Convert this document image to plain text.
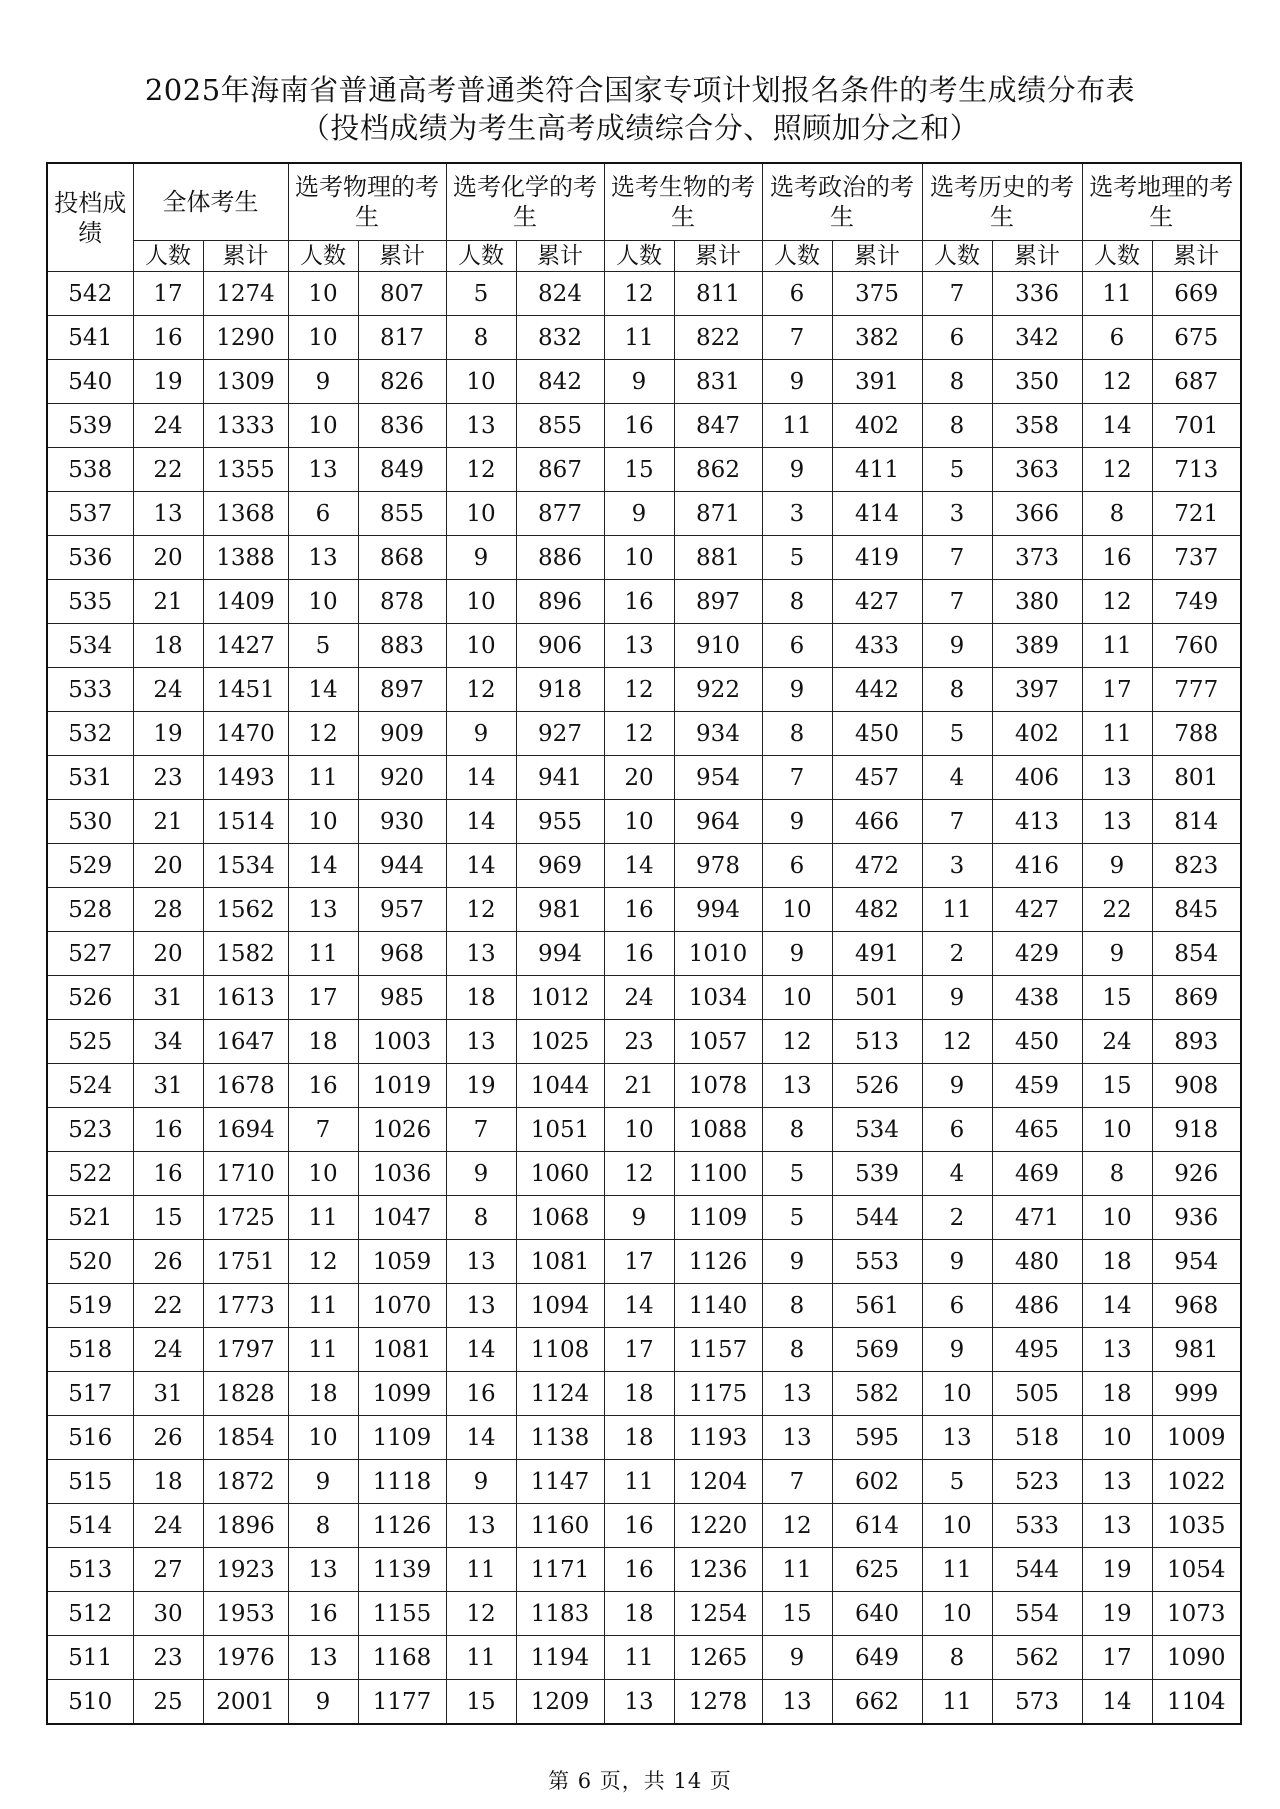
2025年海南省普通高考普通类符合国家专项计划报名条件的考生成绩分布表
（投档成绩为考生高考成绩综合分、照顾加分之和）
投档成绩	全体考生		选考物理的考生		选考化学的考生		选考生物的考生		选考政治的考生		选考历史的考生		选考地理的考生	
	人数	累计	人数	累计	人数	累计	人数	累计	人数	累计	人数	累计	人数	累计
542	17	1274	10	807	5	824	12	811	6	375	7	336	11	669
541	16	1290	10	817	8	832	11	822	7	382	6	342	6	675
540	19	1309	9	826	10	842	9	831	9	391	8	350	12	687
539	24	1333	10	836	13	855	16	847	11	402	8	358	14	701
538	22	1355	13	849	12	867	15	862	9	411	5	363	12	713
537	13	1368	6	855	10	877	9	871	3	414	3	366	8	721
536	20	1388	13	868	9	886	10	881	5	419	7	373	16	737
535	21	1409	10	878	10	896	16	897	8	427	7	380	12	749
534	18	1427	5	883	10	906	13	910	6	433	9	389	11	760
533	24	1451	14	897	12	918	12	922	9	442	8	397	17	777
532	19	1470	12	909	9	927	12	934	8	450	5	402	11	788
531	23	1493	11	920	14	941	20	954	7	457	4	406	13	801
530	21	1514	10	930	14	955	10	964	9	466	7	413	13	814
529	20	1534	14	944	14	969	14	978	6	472	3	416	9	823
528	28	1562	13	957	12	981	16	994	10	482	11	427	22	845
527	20	1582	11	968	13	994	16	1010	9	491	2	429	9	854
526	31	1613	17	985	18	1012	24	1034	10	501	9	438	15	869
525	34	1647	18	1003	13	1025	23	1057	12	513	12	450	24	893
524	31	1678	16	1019	19	1044	21	1078	13	526	9	459	15	908
523	16	1694	7	1026	7	1051	10	1088	8	534	6	465	10	918
522	16	1710	10	1036	9	1060	12	1100	5	539	4	469	8	926
521	15	1725	11	1047	8	1068	9	1109	5	544	2	471	10	936
520	26	1751	12	1059	13	1081	17	1126	9	553	9	480	18	954
519	22	1773	11	1070	13	1094	14	1140	8	561	6	486	14	968
518	24	1797	11	1081	14	1108	17	1157	8	569	9	495	13	981
517	31	1828	18	1099	16	1124	18	1175	13	582	10	505	18	999
516	26	1854	10	1109	14	1138	18	1193	13	595	13	518	10	1009
515	18	1872	9	1118	9	1147	11	1204	7	602	5	523	13	1022
514	24	1896	8	1126	13	1160	16	1220	12	614	10	533	13	1035
513	27	1923	13	1139	11	1171	16	1236	11	625	11	544	19	1054
512	30	1953	16	1155	12	1183	18	1254	15	640	10	554	19	1073
511	23	1976	13	1168	11	1194	11	1265	9	649	8	562	17	1090
510	25	2001	9	1177	15	1209	13	1278	13	662	11	573	14	1104
第 6 页，共 14 页
